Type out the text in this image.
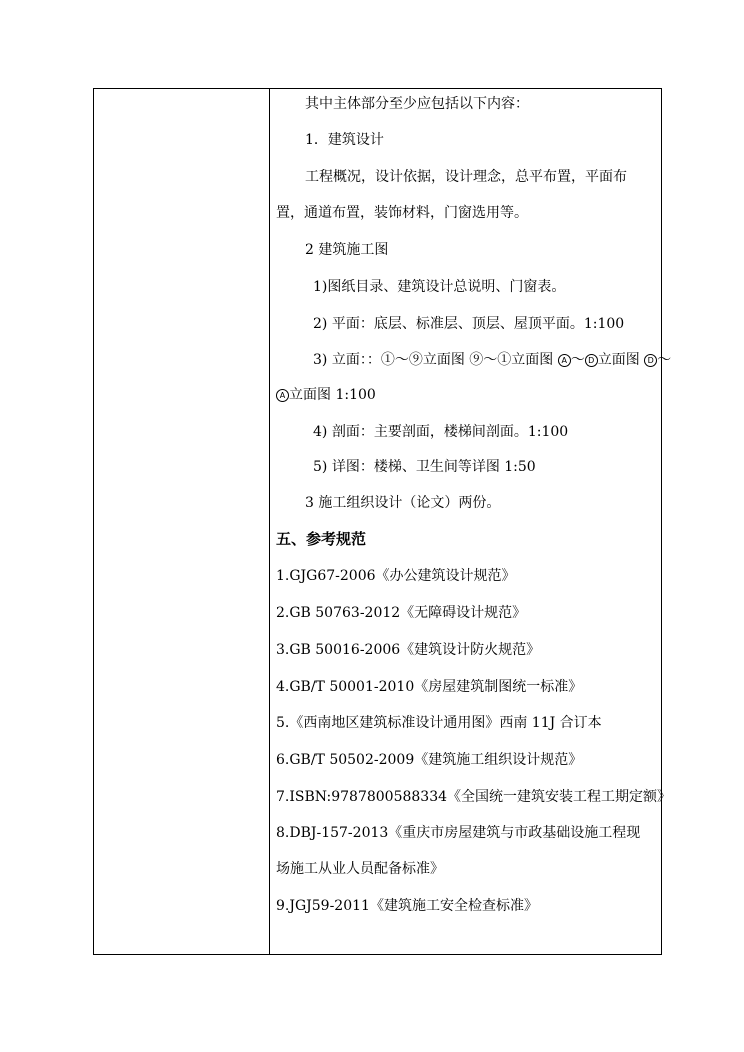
其中主体部分至少应包括以下内容：
1．建筑设计
工程概况，设计依据，设计理念，总平布置，平面布
置，通道布置，装饰材料，门窗选用等。
2 建筑施工图
1)图纸目录、建筑设计总说明、门窗表。
2) 平面：底层、标准层、顶层、屋顶平面。1:100
3) 立面：：①～⑨立面图 ⑨～①立面图 A ～ D 立面图 D ～
A 立面图 1:100
4) 剖面：主要剖面，楼梯间剖面。1:100
5) 详图：楼梯、卫生间等详图 1:50
3 施工组织设计（论文）两份。
五、参考规范
1.GJG67-2006《办公建筑设计规范》
2.GB 50763-2012《无障碍设计规范》
3.GB 50016-2006《建筑设计防火规范》
4.GB/T 50001-2010《房屋建筑制图统一标准》
5.《西南地区建筑标准设计通用图》西南 11J 合订本
6.GB/T 50502-2009《建筑施工组织设计规范》
7.ISBN:9787800588334《全国统一建筑安装工程工期定额》
8.DBJ-157-2013《重庆市房屋建筑与市政基础设施工程现
场施工从业人员配备标准》
9.JGJ59-2011《建筑施工安全检查标准》
